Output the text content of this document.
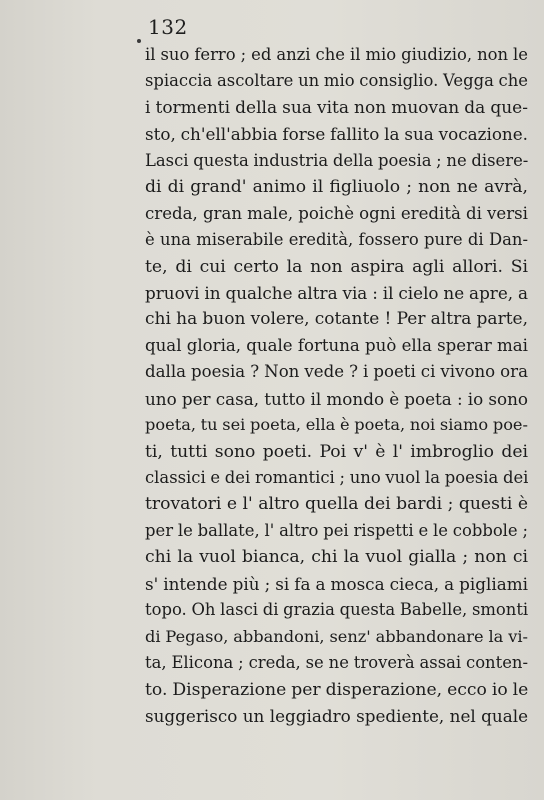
132
il suo ferro ; ed anzi che il mio giudizio, non le
spiaccia ascoltare un mio consiglio. Vegga che
i tormenti della sua vita non muovan da que-
sto, ch'ell'abbia forse fallito la sua vocazione.
Lasci questa industria della poesia ; ne disere-
di di grand' animo il figliuolo ; non ne avrà,
creda, gran male, poichè ogni eredità di versi
è una miserabile eredità, fossero pure di Dan-
te, di cui certo la non aspira agli allori. Si
pruovi in qualche altra via : il cielo ne apre, a
chi ha buon volere, cotante ! Per altra parte,
qual gloria, quale fortuna può ella sperar mai
dalla poesia ? Non vede ? i poeti ci vivono ora
uno per casa, tutto il mondo è poeta : io sono
poeta, tu sei poeta, ella è poeta, noi siamo poe-
ti, tutti sono poeti. Poi v' è l' imbroglio dei
classici e dei romantici ; uno vuol la poesia dei
trovatori e l' altro quella dei bardi ; questi è
per le ballate, l' altro pei rispetti e le cobbole ;
chi la vuol bianca, chi la vuol gialla ; non ci
s' intende più ; si fa a mosca cieca, a pigliami
topo. Oh lasci di grazia questa Babelle, smonti
di Pegaso, abbandoni, senz' abbandonare la vi-
ta, Elicona ; creda, se ne troverà assai conten-
to. Disperazione per disperazione, ecco io le
suggerisco un leggiadro spediente, nel quale
